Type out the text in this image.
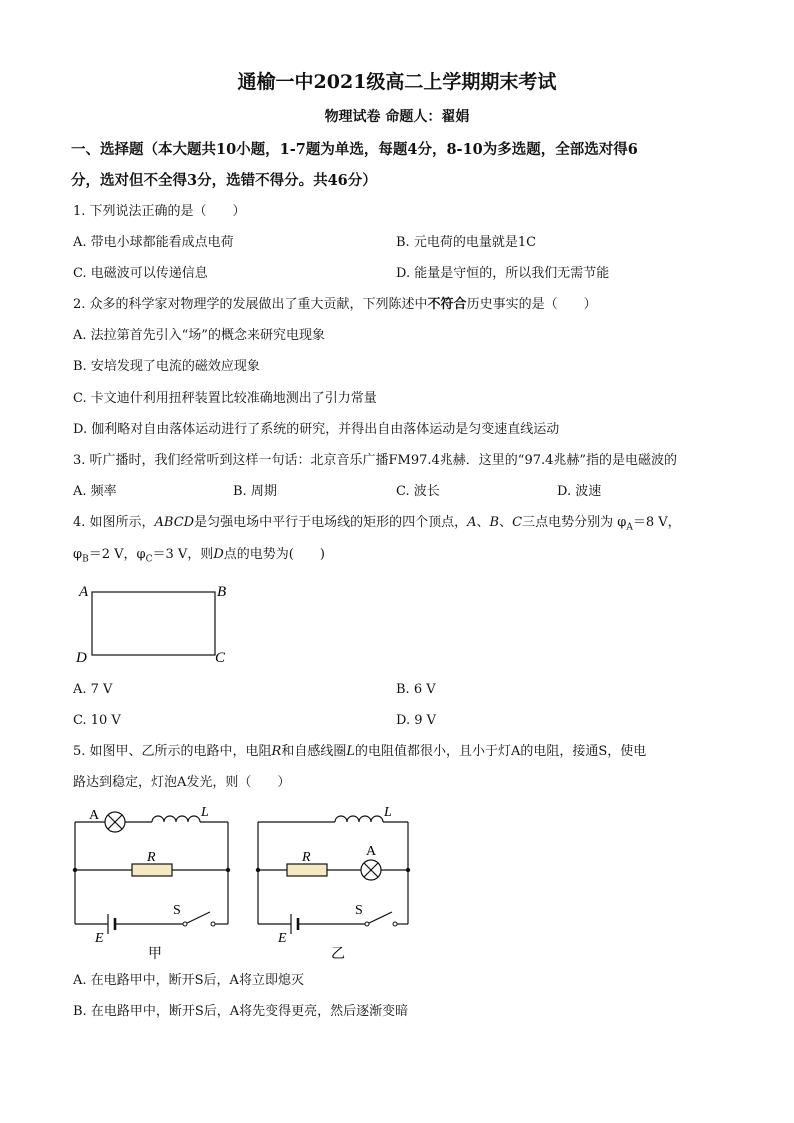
通榆一中2021级高二上学期期末考试
物理试卷 命题人：翟娟
一、选择题（本大题共10小题，1-7题为单选，每题4分，8-10为多选题，全部选对得6
分，选对但不全得3分，选错不得分。共46分）
1. 下列说法正确的是（　　）
A. 带电小球都能看成点电荷	B. 元电荷的电量就是1C
C. 电磁波可以传递信息	D. 能量是守恒的，所以我们无需节能
2. 众多的科学家对物理学的发展做出了重大贡献，下列陈述中不符合历史事实的是（　　）
A. 法拉第首先引入“场”的概念来研究电现象
B. 安培发现了电流的磁效应现象
C. 卡文迪什利用扭秤装置比较准确地测出了引力常量
D. 伽利略对自由落体运动进行了系统的研究，并得出自由落体运动是匀变速直线运动
3. 听广播时，我们经常听到这样一句话：北京音乐广播FM97.4兆赫．这里的“97.4兆赫”指的是电磁波的
A. 频率	B. 周期	C. 波长	D. 波速
4. 如图所示，ABCD是匀强电场中平行于电场线的矩形的四个顶点，A、B、C三点电势分别为 $\varphi_A=8$ V，
$\varphi_B=2$ V，$\varphi_C=3$ V，则D点的电势为(　　)
A	B
C
D
A. 7 V	B. 6 V
C. 10 V	D. 9 V
5. 如图甲、乙所示的电路中，电阻R和自感线圈L的电阻值都很小，且小于灯A的电阻，接通S，使电
路达到稳定，灯泡A发光，则（　　）
A	L
R
S
E
甲
A
L
R
S
E
乙
A. 在电路甲中，断开S后，A将立即熄灭
B. 在电路甲中，断开S后，A将先变得更亮，然后逐渐变暗
